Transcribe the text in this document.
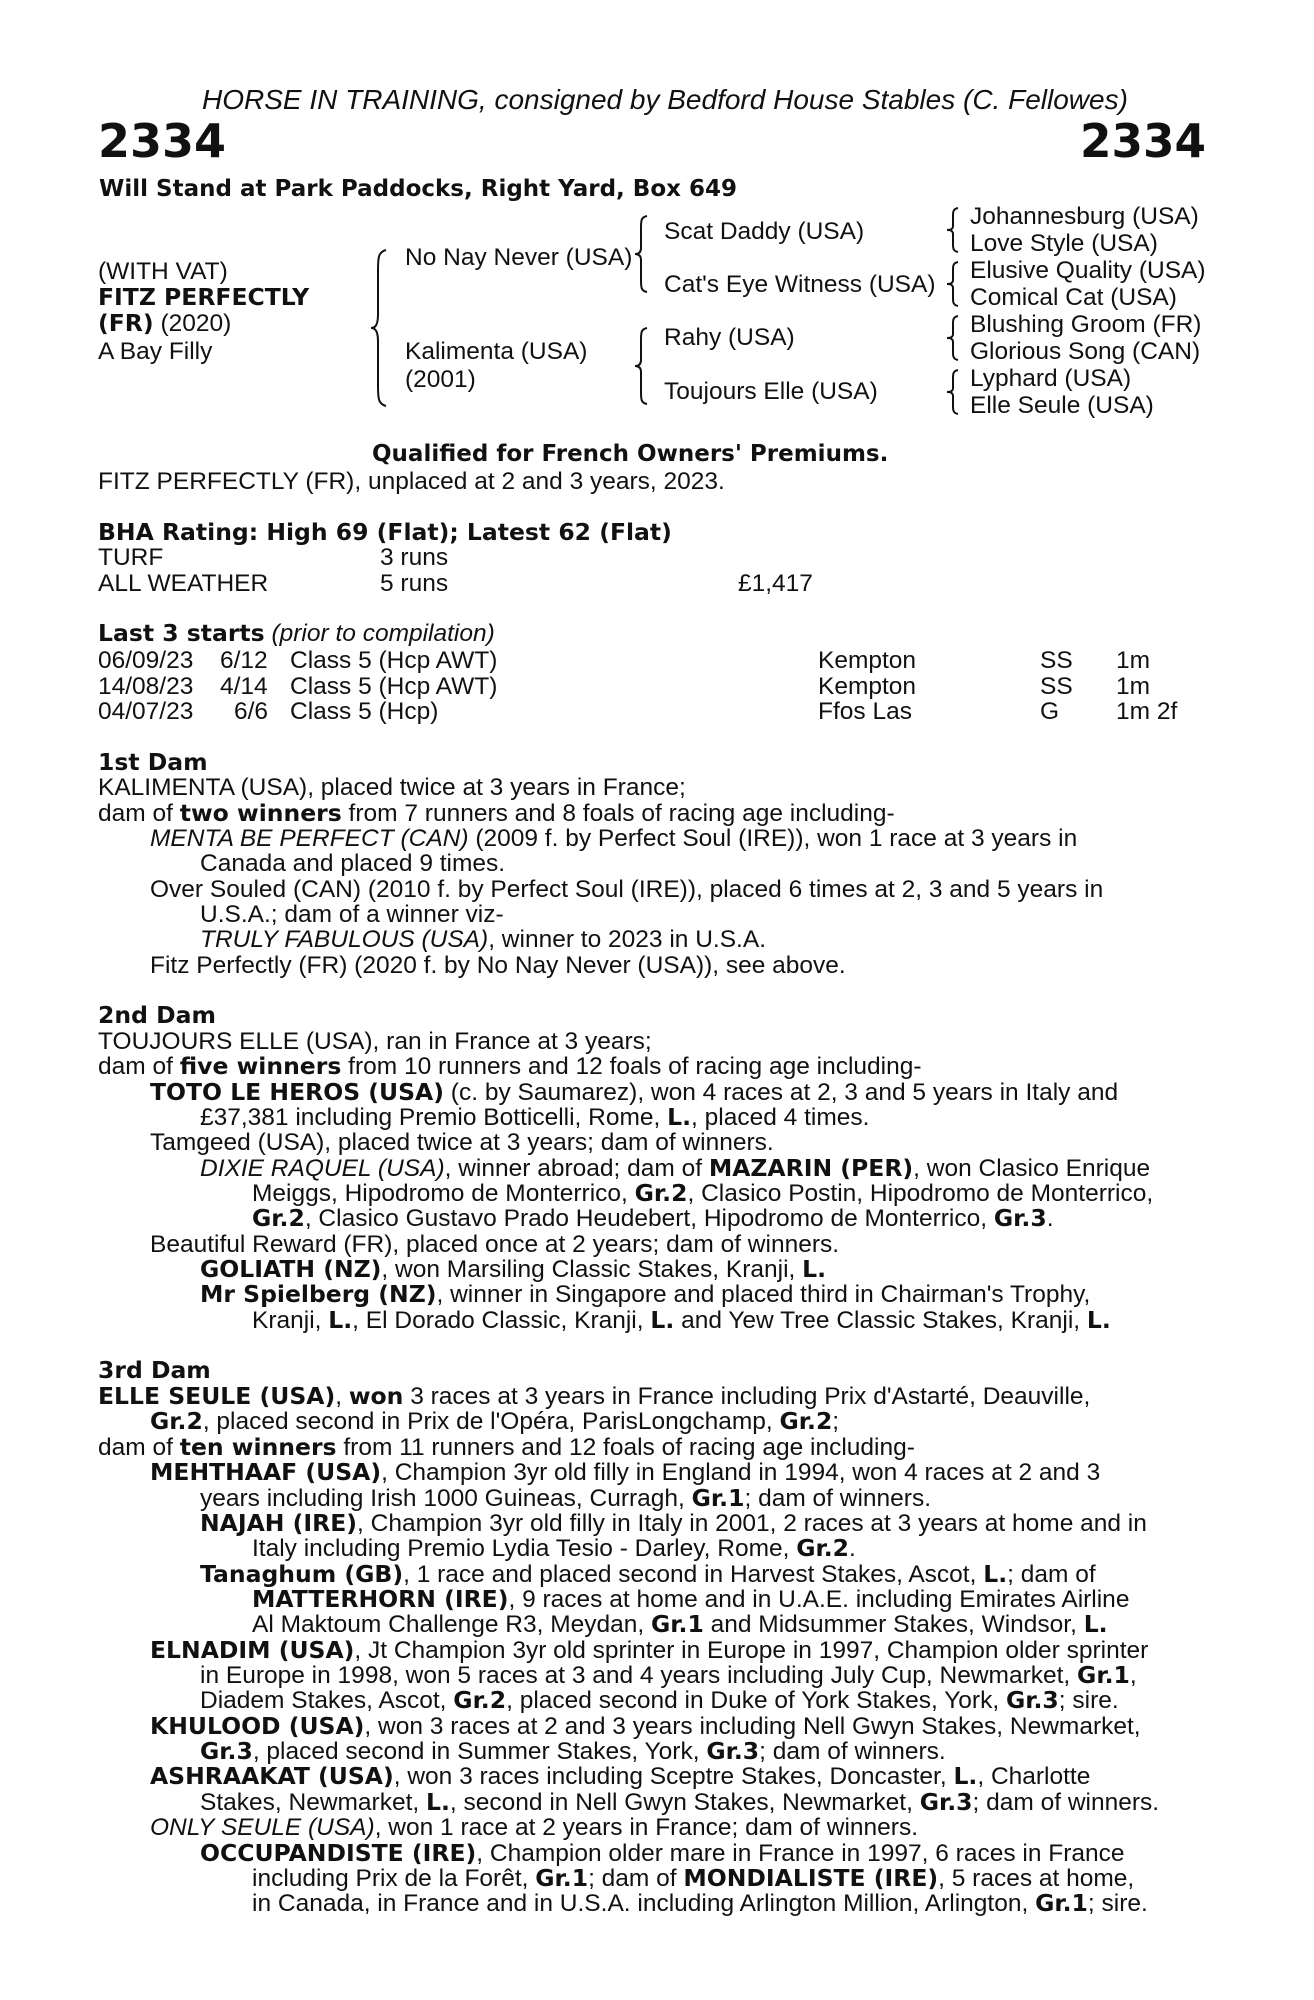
HORSE IN TRAINING, consigned by Bedford House Stables (C. Fellowes)
2334	2334
Will Stand at Park Paddocks, Right Yard, Box 649
(WITH VAT)
FITZ PERFECTLY
(FR) (2020)
A Bay Filly
No Nay Never (USA)
Kalimenta (USA)
(2001)
Scat Daddy (USA)
Cat's Eye Witness (USA)
Rahy (USA)
Toujours Elle (USA)
Johannesburg (USA)
Love Style (USA)
Elusive Quality (USA)
Comical Cat (USA)
Blushing Groom (FR)
Glorious Song (CAN)
Lyphard (USA)
Elle Seule (USA)
Qualified for French Owners' Premiums.
FITZ PERFECTLY (FR), unplaced at 2 and 3 years, 2023.
BHA Rating: High 69 (Flat); Latest 62 (Flat)
TURF	3 runs
ALL WEATHER	5 runs	£1,417
Last 3 starts (prior to compilation)
06/09/23 6/12 Class 5 (Hcp AWT)	Kempton	SS 1m
14/08/23 4/14 Class 5 (Hcp AWT)	Kempton	SS 1m
04/07/23 6/6 Class 5 (Hcp)	Ffos Las	G 1m 2f
1st Dam
KALIMENTA (USA), placed twice at 3 years in France;
dam of two winners from 7 runners and 8 foals of racing age including-
MENTA BE PERFECT (CAN) (2009 f. by Perfect Soul (IRE)), won 1 race at 3 years in
Canada and placed 9 times.
Over Souled (CAN) (2010 f. by Perfect Soul (IRE)), placed 6 times at 2, 3 and 5 years in
U.S.A.; dam of a winner viz-
TRULY FABULOUS (USA), winner to 2023 in U.S.A.
Fitz Perfectly (FR) (2020 f. by No Nay Never (USA)), see above.
2nd Dam
TOUJOURS ELLE (USA), ran in France at 3 years;
dam of five winners from 10 runners and 12 foals of racing age including-
TOTO LE HEROS (USA) (c. by Saumarez), won 4 races at 2, 3 and 5 years in Italy and
£37,381 including Premio Botticelli, Rome, L., placed 4 times.
Tamgeed (USA), placed twice at 3 years; dam of winners.
DIXIE RAQUEL (USA), winner abroad; dam of MAZARIN (PER), won Clasico Enrique
Meiggs, Hipodromo de Monterrico, Gr.2, Clasico Postin, Hipodromo de Monterrico,
Gr.2, Clasico Gustavo Prado Heudebert, Hipodromo de Monterrico, Gr.3.
Beautiful Reward (FR), placed once at 2 years; dam of winners.
GOLIATH (NZ), won Marsiling Classic Stakes, Kranji, L.
Mr Spielberg (NZ), winner in Singapore and placed third in Chairman's Trophy,
Kranji, L., El Dorado Classic, Kranji, L. and Yew Tree Classic Stakes, Kranji, L.
3rd Dam
ELLE SEULE (USA), won 3 races at 3 years in France including Prix d'Astarté, Deauville,
Gr.2, placed second in Prix de l'Opéra, ParisLongchamp, Gr.2;
dam of ten winners from 11 runners and 12 foals of racing age including-
MEHTHAAF (USA), Champion 3yr old filly in England in 1994, won 4 races at 2 and 3
years including Irish 1000 Guineas, Curragh, Gr.1; dam of winners.
NAJAH (IRE), Champion 3yr old filly in Italy in 2001, 2 races at 3 years at home and in
Italy including Premio Lydia Tesio - Darley, Rome, Gr.2.
Tanaghum (GB), 1 race and placed second in Harvest Stakes, Ascot, L.; dam of
MATTERHORN (IRE), 9 races at home and in U.A.E. including Emirates Airline
Al Maktoum Challenge R3, Meydan, Gr.1 and Midsummer Stakes, Windsor, L.
ELNADIM (USA), Jt Champion 3yr old sprinter in Europe in 1997, Champion older sprinter
in Europe in 1998, won 5 races at 3 and 4 years including July Cup, Newmarket, Gr.1,
Diadem Stakes, Ascot, Gr.2, placed second in Duke of York Stakes, York, Gr.3; sire.
KHULOOD (USA), won 3 races at 2 and 3 years including Nell Gwyn Stakes, Newmarket,
Gr.3, placed second in Summer Stakes, York, Gr.3; dam of winners.
ASHRAAKAT (USA), won 3 races including Sceptre Stakes, Doncaster, L., Charlotte
Stakes, Newmarket, L., second in Nell Gwyn Stakes, Newmarket, Gr.3; dam of winners.
ONLY SEULE (USA), won 1 race at 2 years in France; dam of winners.
OCCUPANDISTE (IRE), Champion older mare in France in 1997, 6 races in France
including Prix de la Forêt, Gr.1; dam of MONDIALISTE (IRE), 5 races at home,
in Canada, in France and in U.S.A. including Arlington Million, Arlington, Gr.1; sire.
